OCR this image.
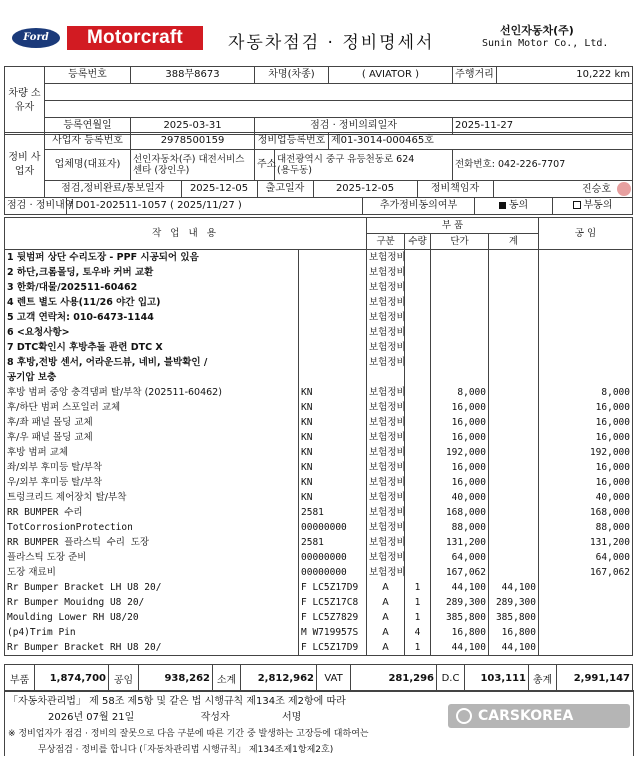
Ford	Motorcraft	자동차점검 · 정비명세서
선인자동차(주)
Sunin Motor Co., Ltd.
차량 소유자	등록번호	388무8673	차명(차종)	( AVIATOR )	주행거리	10,222 km

	등록연월일	2025-03-31	점검 · 정비의뢰일자		2025-11-27	
정비 사업자	사업자 등록번호	2978500159	정비업등록번호	제01-3014-000465호
업체명(대표자)	선인자동차(주) 대전서비스센타 (장인우)	주소	대전광역시 중구 유등천동로 624
(용두동)	전화번호: 042-226-7707

점검,정비완료/통보일자	2025-12-05	출고일자	2025-12-05	정비책임자	진승호
점검 · 정비내역	/ D01-202511-1057 ( 2025/11/27 )	추가정비동의여부	동의	부동의
작 업 내 용		부 품				공 임
		구분	수량	단가	계	
1 뒷범퍼 상단 수리도장 - PPF 시공되어 있음		보험정비				
2 하단,크롬몰딩, 토우바 커버 교환		보험정비				
3 한화/대물/202511-60462		보험정비				
4 렌트 별도 사용(11/26 야간 입고)		보험정비				
5 고객 연락처: 010-6473-1144		보험정비				
6 <요청사항>		보험정비				
7 DTC확인시 후방추돌 관련 DTC X		보험정비				
8 후방,전방 센서, 어라운드뷰, 네비, 블박확인 /		보험정비				
공기압 보충						
후방 범퍼 중앙 충격댐퍼 탈/부착 (202511-60462)	KN	보험정비		8,000		8,000
후/하단 범퍼 스포일러 교체	KN	보험정비		16,000		16,000
후/좌 패널 몰딩 교체	KN	보험정비		16,000		16,000
후/우 패널 몰딩 교체	KN	보험정비		16,000		16,000
후방 범퍼 교체	KN	보험정비		192,000		192,000
좌/외부 후미등 탈/부착	KN	보험정비		16,000		16,000
우/외부 후미등 탈/부착	KN	보험정비		16,000		16,000
트렁크리드 제어장치 탈/부착	KN	보험정비		40,000		40,000
RR BUMPER 수리	2581	보험정비		168,000		168,000
TotCorrosionProtection	00000000	보험정비		88,000		88,000
RR BUMPER 플라스틱 수리 도장	2581	보험정비		131,200		131,200
플라스틱 도장 준비	00000000	보험정비		64,000		64,000
도장 재료비	00000000	보험정비		167,062		167,062
Rr Bumper Bracket LH U8 20/	F LC5Z17D9	A	1	44,100	44,100	
Rr Bumper Mouidng U8 20/	F LC5Z17C8	A	1	289,300	289,300	
Moulding Lower RH U8/20	F LC5Z7829	A	1	385,800	385,800	
(p4)Trim Pin	M W719957S	A	4	16,800	16,800	
Rr Bumper Bracket RH U8 20/	F LC5Z17D9	A	1	44,100	44,100	
부품	1,874,700	공임	938,262	소계	2,812,962	VAT	281,296	D.C	103,111	총계	2,991,147
「자동차관리법」 제 58조 제5항 및 같은 법 시행규칙 제134조 제2항에 따라
2026년 07월 21일	작성자	서명
※ 정비업자가 점검 · 정비의 잘못으로 다음 구분에 따른 기간 중 발생하는 고장등에 대하여는
무상점검 · 정비를 합니다 (「자동차관리법 시행규칙」 제134조제1항제2호)
CARSKOREA
